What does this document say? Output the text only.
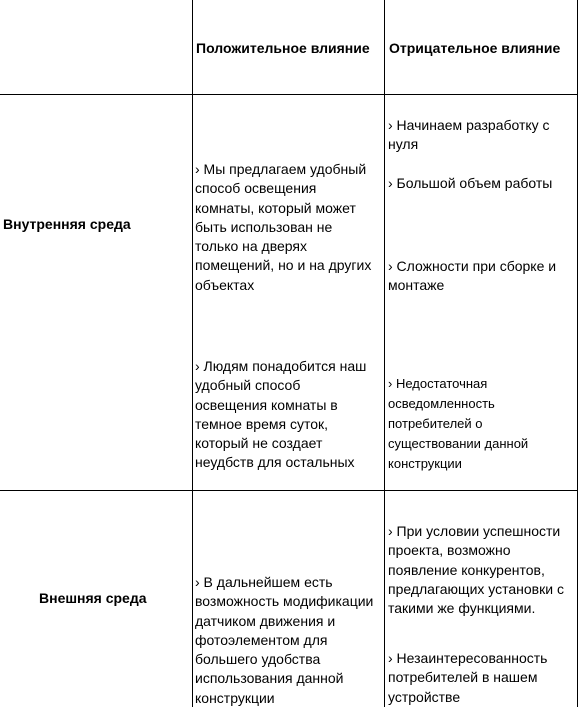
Положительное влияние Отрицательное влияние
Внутренняя среда
› Мы предлагаем удобный
способ освещения
комнаты, который может
быть использован не
только на дверях
помещений, но и на других
объектах
› Людям понадобится наш
удобный способ
освещения комнаты в
темное время суток,
который не создает
неудбств для остальных
› Начинаем разработку с
нуля
› Большой объем работы
› Сложности при сборке и
монтаже
› Недостаточная
осведомленность
потребителей о
существовании данной
конструкции
Внешняя среда
› В дальнейшем есть
возможность модификации
датчиком движения и
фотоэлементом для
большего удобства
использования данной
конструкции
› При условии успешности
проекта, возможно
появление конкурентов,
предлагающих установки с
такими же функциями.
› Незаинтересованность
потребителей в нашем
устройстве
